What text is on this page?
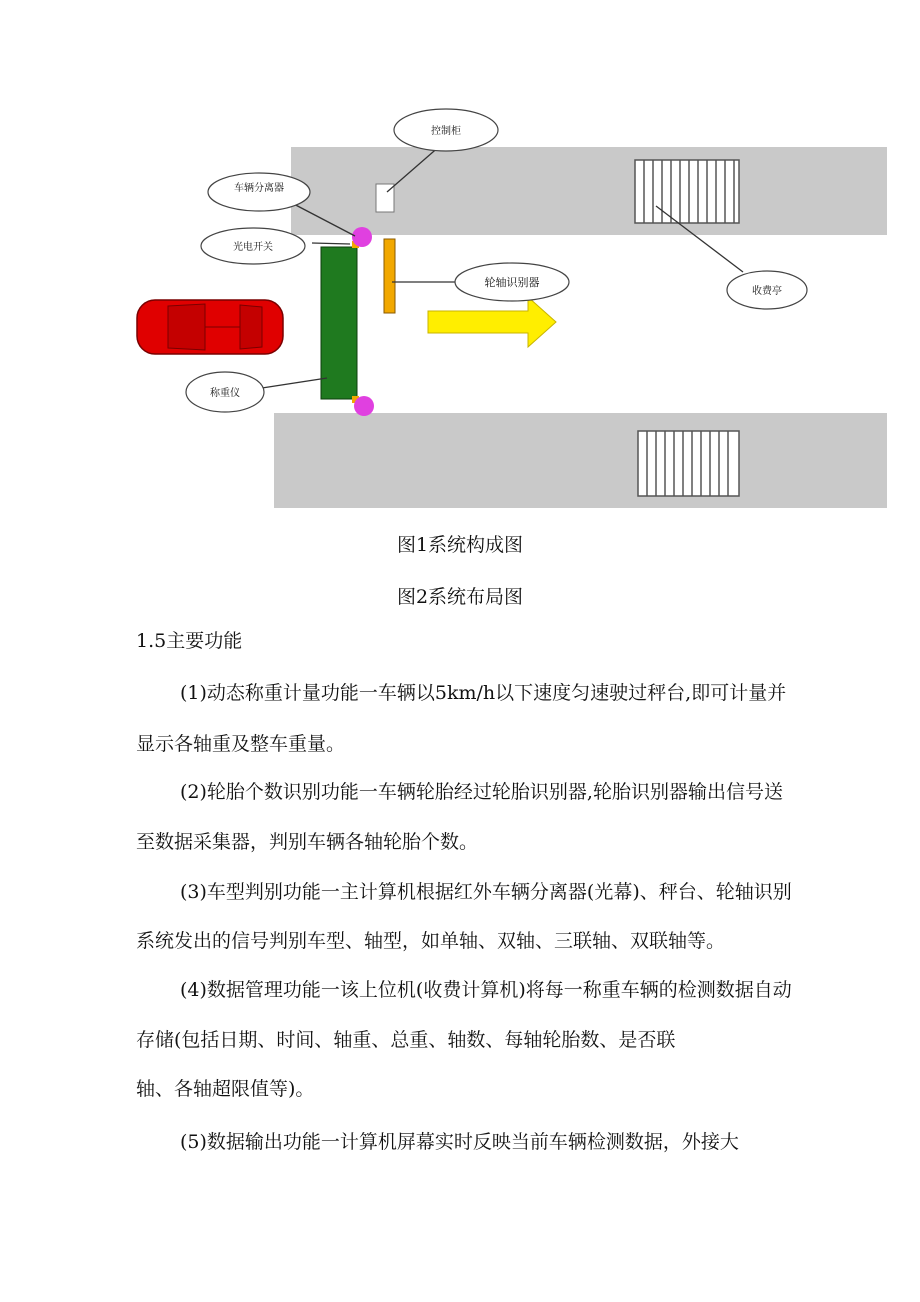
控制柜
车辆分离器
光电开关
轮轴识别器
收费亭
称重仪
图1系统构成图
图2系统布局图
1.5主要功能
(1)动态称重计量功能一车辆以5km/h以下速度匀速驶过秤台,即可计量并
显示各轴重及整车重量。
(2)轮胎个数识别功能一车辆轮胎经过轮胎识别器,轮胎识别器输出信号送
至数据采集器，判别车辆各轴轮胎个数。
(3)车型判别功能一主计算机根据红外车辆分离器(光幕)、秤台、轮轴识别
系统发出的信号判别车型、轴型，如单轴、双轴、三联轴、双联轴等。
(4)数据管理功能一该上位机(收费计算机)将每一称重车辆的检测数据自动
存储(包括日期、时间、轴重、总重、轴数、每轴轮胎数、是否联
轴、各轴超限值等)。
(5)数据输出功能一计算机屏幕实时反映当前车辆检测数据，外接大
